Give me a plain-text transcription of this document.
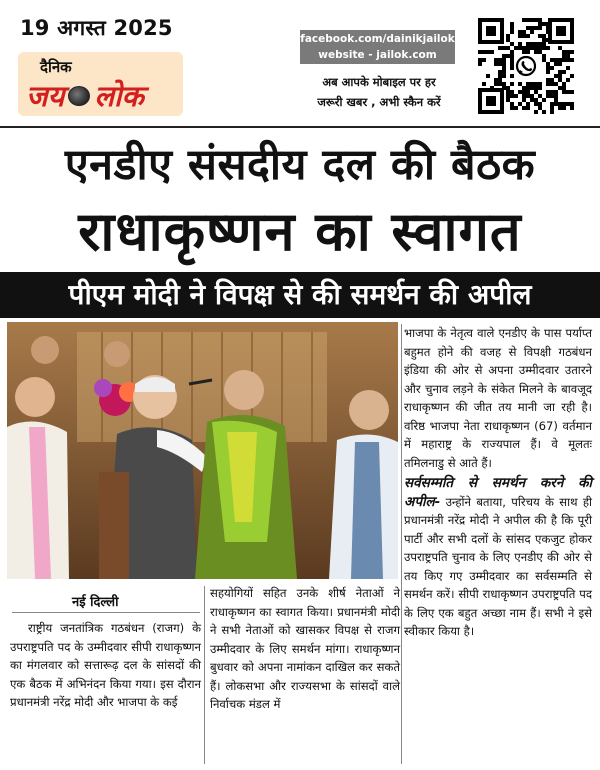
19 अगस्त 2025
दैनिक
जय लोक
facebook.com/dainikjailok
website - jailok.com
अब आपके मोबाइल पर हर
जरूरी खबर , अभी स्कैन करें
एनडीए संसदीय दल की बैठक
राधाकृष्णन का स्वागत
पीएम मोदी ने विपक्ष से की समर्थन की अपील

भाजपा के नेतृत्व वाले एनडीए के पास पर्याप्त बहुमत होने की वजह से विपक्षी गठबंधन इंडिया की ओर से अपना उम्मीदवार उतारने और चुनाव लड़ने के संकेत मिलने के बावजूद राधाकृष्णन की जीत तय मानी जा रही है। वरिष्ठ भाजपा नेता राधाकृष्णन (67) वर्तमान में महाराष्ट्र के राज्यपाल हैं। वे मूलतः तमिलनाडु से आते हैं।

सर्वसम्मति से समर्थन करने की अपील- उन्होंने बताया, परिचय के साथ ही प्रधानमंत्री नरेंद्र मोदी ने अपील की है कि पूरी पार्टी और सभी दलों के सांसद एकजुट होकर उपराष्ट्रपति चुनाव के लिए एनडीए की ओर से तय किए गए उम्मीदवार का सर्वसम्मति से समर्थन करें। सीपी राधाकृष्णन उपराष्ट्रपति पद के लिए एक बहुत अच्छा नाम हैं। सभी ने इसे स्वीकार किया है।

नई दिल्ली
राष्ट्रीय जनतांत्रिक गठबंधन (राजग) के उपराष्ट्रपति पद के उम्मीदवार सीपी राधाकृष्णन का मंगलवार को सत्तारूढ़ दल के सांसदों की एक बैठक में अभिनंदन किया गया। इस दौरान प्रधानमंत्री नरेंद्र मोदी और भाजपा के कई
सहयोगियों सहित उनके शीर्ष नेताओं ने राधाकृष्णन का स्वागत किया। प्रधानमंत्री मोदी ने सभी नेताओं को खासकर विपक्ष से राजग उम्मीदवार के लिए समर्थन मांगा। राधाकृष्णन बुधवार को अपना नामांकन दाखिल कर सकते हैं। लोकसभा और राज्यसभा के सांसदों वाले निर्वाचक मंडल में
